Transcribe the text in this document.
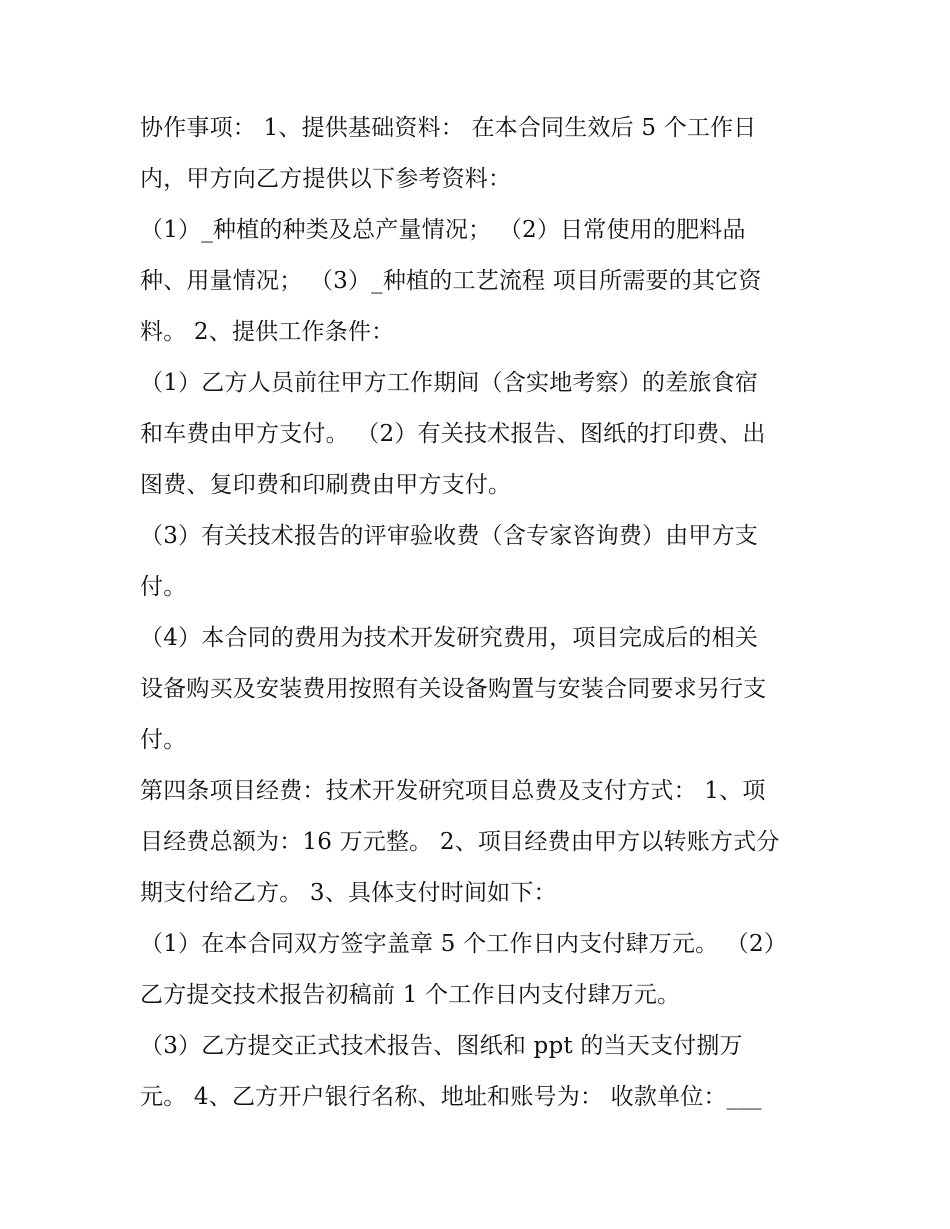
协作事项： 1、提供基础资料： 在本合同生效后 5 个工作日
内，甲方向乙方提供以下参考资料：
（1）_种植的种类及总产量情况； （2）日常使用的肥料品
种、用量情况； （3）_种植的工艺流程 项目所需要的其它资
料。 2、提供工作条件：
（1）乙方人员前往甲方工作期间（含实地考察）的差旅食宿
和车费由甲方支付。 （2）有关技术报告、图纸的打印费、出
图费、复印费和印刷费由甲方支付。
（3）有关技术报告的评审验收费（含专家咨询费）由甲方支
付。
（4）本合同的费用为技术开发研究费用，项目完成后的相关
设备购买及安装费用按照有关设备购置与安装合同要求另行支
付。
第四条项目经费：技术开发研究项目总费及支付方式： 1、项
目经费总额为：16 万元整。 2、项目经费由甲方以转账方式分
期支付给乙方。 3、具体支付时间如下：
（1）在本合同双方签字盖章 5 个工作日内支付肆万元。 （2）
乙方提交技术报告初稿前 1 个工作日内支付肆万元。
（3）乙方提交正式技术报告、图纸和 ppt 的当天支付捌万
元。 4、乙方开户银行名称、地址和账号为： 收款单位：___
